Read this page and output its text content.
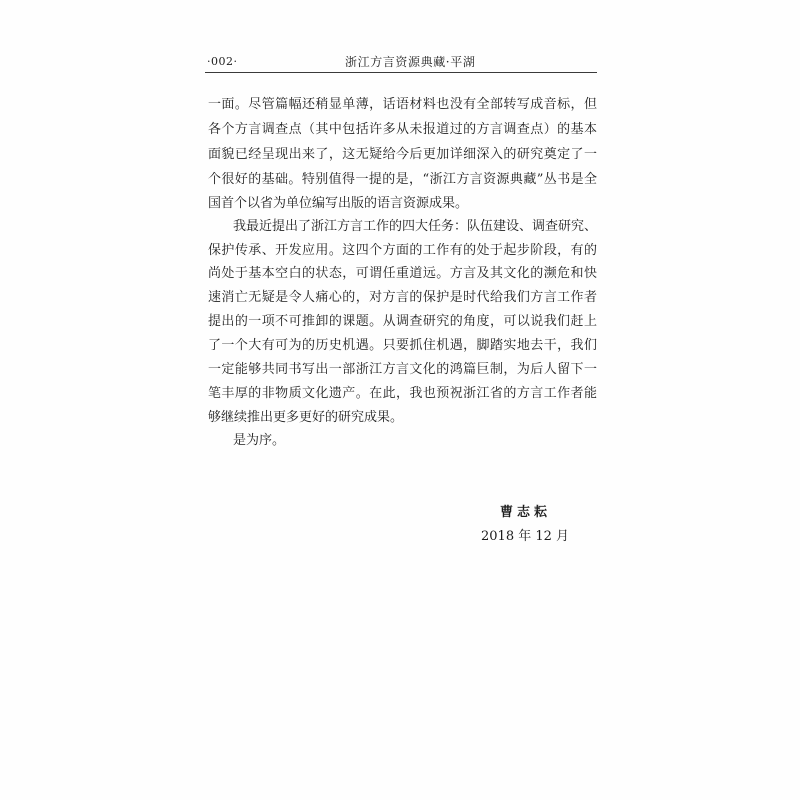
·002·	浙江方言资源典藏·平湖
一面。尽管篇幅还稍显单薄，话语材料也没有全部转写成音标，但
各个方言调查点（其中包括许多从未报道过的方言调查点）的基本
面貌已经呈现出来了，这无疑给今后更加详细深入的研究奠定了一
个很好的基础。特别值得一提的是，“浙江方言资源典藏”丛书是全
国首个以省为单位编写出版的语言资源成果。
我最近提出了浙江方言工作的四大任务：队伍建设、调查研究、
保护传承、开发应用。这四个方面的工作有的处于起步阶段，有的
尚处于基本空白的状态，可谓任重道远。方言及其文化的濒危和快
速消亡无疑是令人痛心的，对方言的保护是时代给我们方言工作者
提出的一项不可推卸的课题。从调查研究的角度，可以说我们赶上
了一个大有可为的历史机遇。只要抓住机遇，脚踏实地去干，我们
一定能够共同书写出一部浙江方言文化的鸿篇巨制，为后人留下一
笔丰厚的非物质文化遗产。在此，我也预祝浙江省的方言工作者能
够继续推出更多更好的研究成果。
是为序。
曹志耘
2018 年 12 月
